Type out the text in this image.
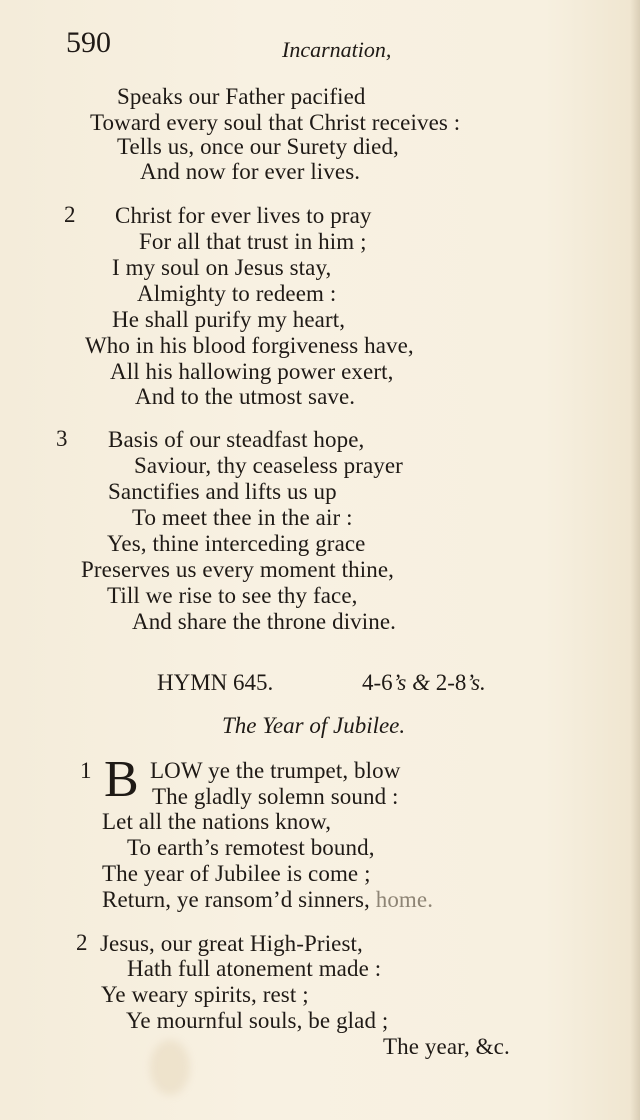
590	Incarnation,
Speaks our Father pacified
Toward every soul that Christ receives :
Tells us, once our Surety died,
And now for ever lives.
2 Christ for ever lives to pray
For all that trust in him ;
I my soul on Jesus stay,
Almighty to redeem :
He shall purify my heart,
Who in his blood forgiveness have,
All his hallowing power exert,
And to the utmost save.
3 Basis of our steadfast hope,
Saviour, thy ceaseless prayer
Sanctifies and lifts us up
To meet thee in the air :
Yes, thine interceding grace
Preserves us every moment thine,
Till we rise to see thy face,
And share the throne divine.
HYMN 645.	4-6’s & 2-8’s.
The Year of Jubilee.
1 B LOW ye the trumpet, blow
The gladly solemn sound :
Let all the nations know,
To earth’s remotest bound,
The year of Jubilee is come ;
Return, ye ransom’d sinners, home.
2 Jesus, our great High-Priest,
Hath full atonement made :
Ye weary spirits, rest ;
Ye mournful souls, be glad ;
The year, &c.
